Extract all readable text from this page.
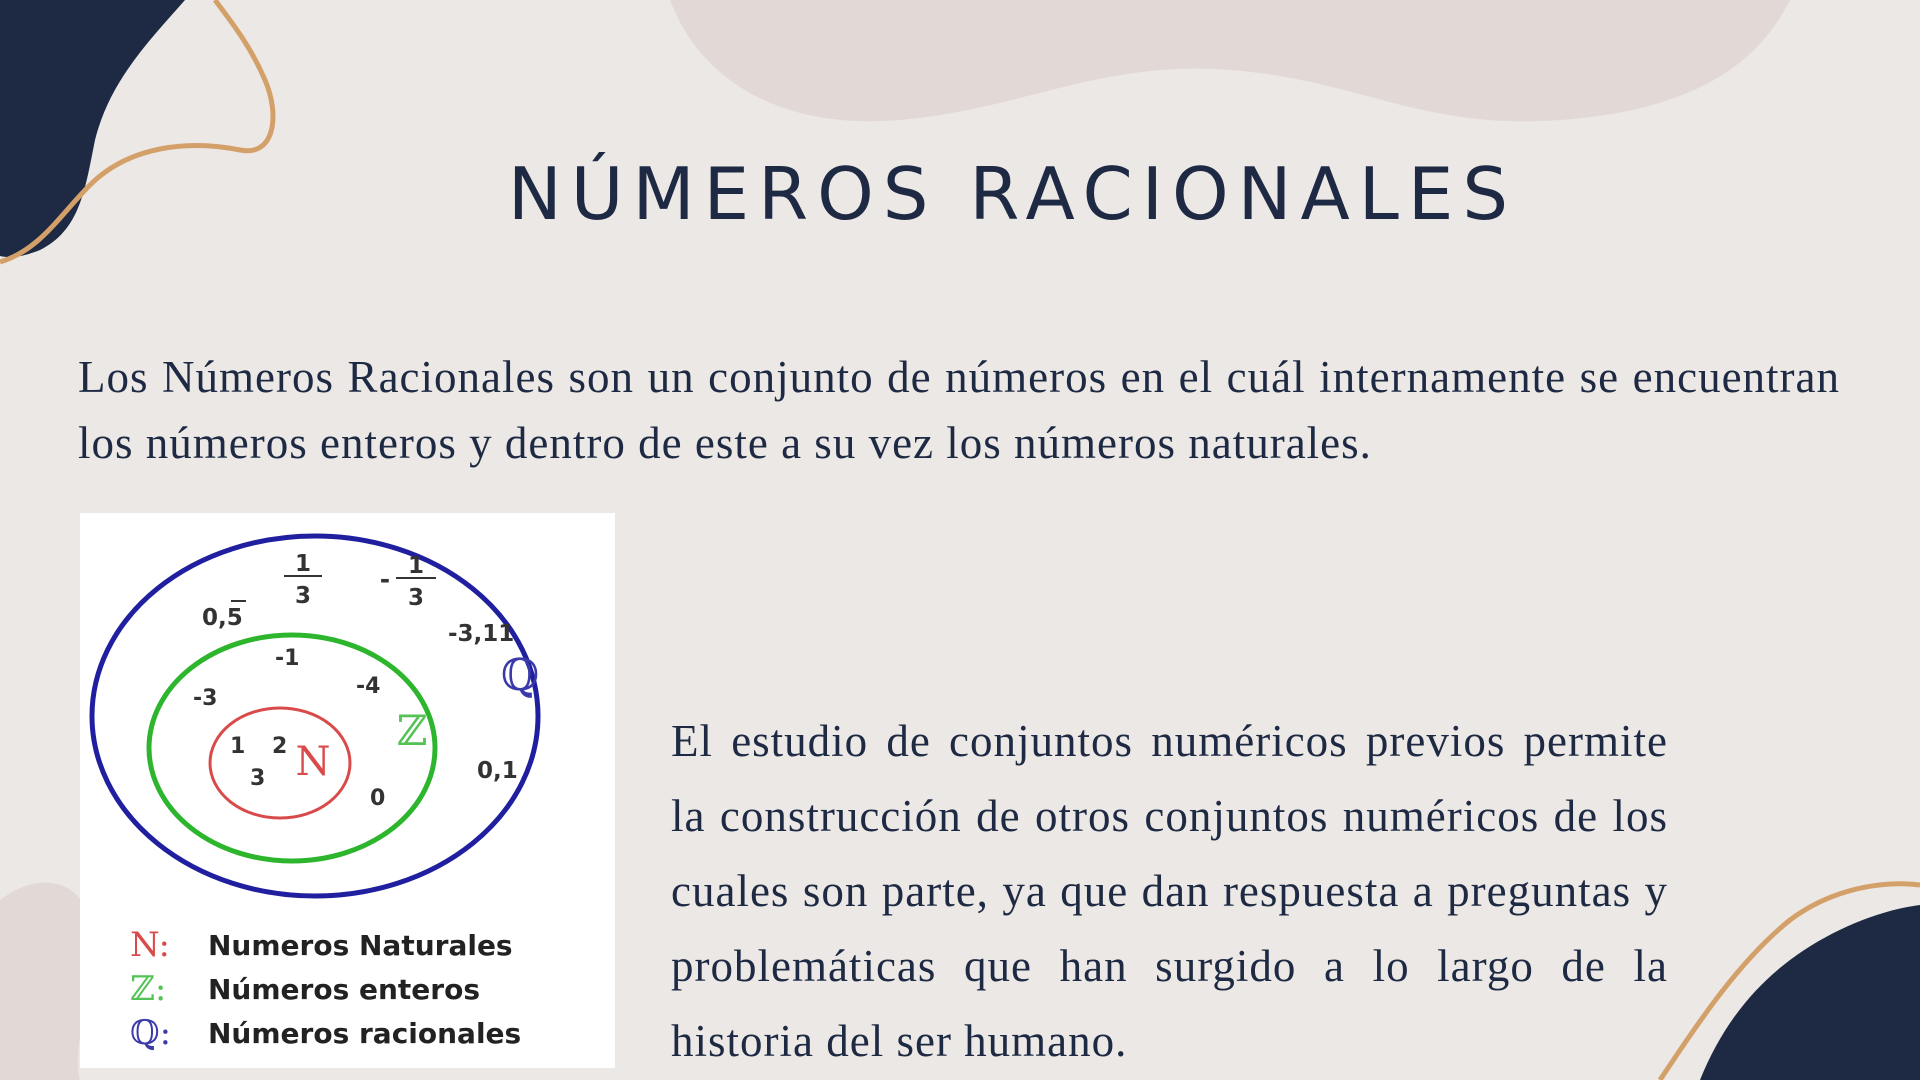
NÚMEROS RACIONALES

Los Números Racionales son un conjunto de números en el cuál internamente se encuentran los números enteros y dentro de este a su vez los números naturales.

1
3
- 1
3
0,5
-3,11
0,1
ℚ
-1
-4
-3
0
ℤ
1 2
3 N
N:	Numeros Naturales
ℤ:	Números enteros
ℚ:	Números racionales

El estudio de conjuntos numéricos previos permite la construcción de otros conjuntos numéricos de los cuales son parte, ya que dan respuesta a preguntas y problemáticas que han surgido a lo largo de la historia del ser humano.
